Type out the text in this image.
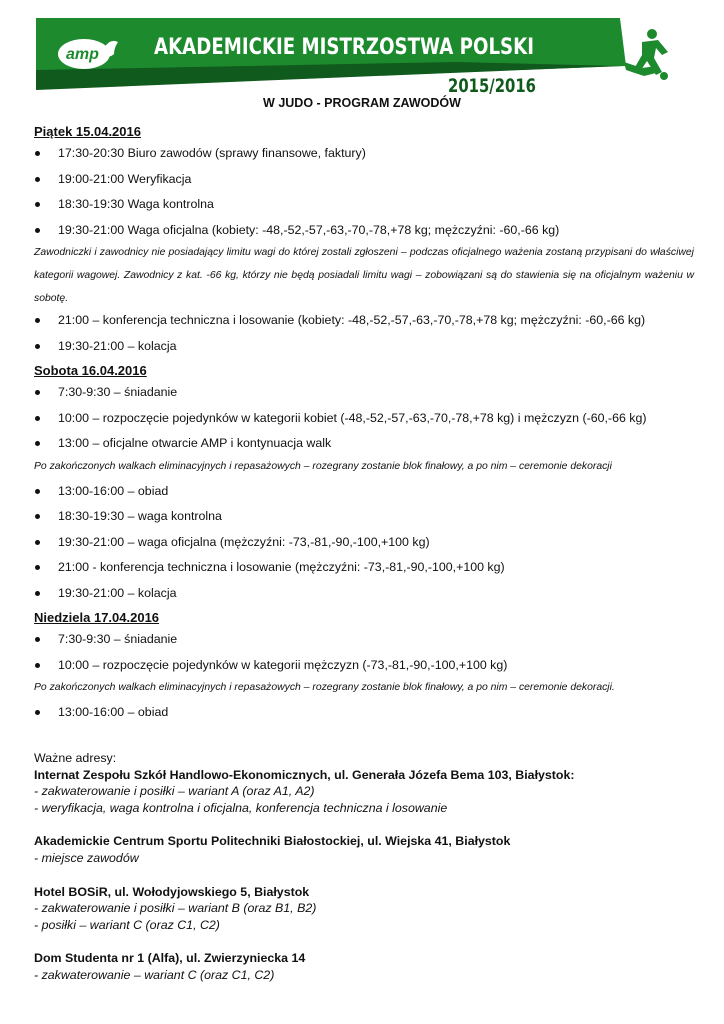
amp	AKADEMICKIE MISTRZOSTWA POLSKI
2015/2016
W JUDO - PROGRAM ZAWODÓW
Piątek 15.04.2016
17:30-20:30 Biuro zawodów (sprawy finansowe, faktury)
19:00-21:00 Weryfikacja
18:30-19:30 Waga kontrolna
19:30-21:00 Waga oficjalna (kobiety: -48,-52,-57,-63,-70,-78,+78 kg; mężczyźni: -60,-66 kg)
Zawodniczki i zawodnicy nie posiadający limitu wagi do której zostali zgłoszeni – podczas oficjalnego ważenia zostaną przypisani do właściwej kategorii wagowej. Zawodnicy z kat. -66 kg, którzy nie będą posiadali limitu wagi – zobowiązani są do stawienia się na oficjalnym ważeniu w sobotę.
21:00 – konferencja techniczna i losowanie (kobiety: -48,-52,-57,-63,-70,-78,+78 kg; mężczyźni: -60,-66 kg)
19:30-21:00 – kolacja
Sobota 16.04.2016
7:30-9:30 – śniadanie
10:00 – rozpoczęcie pojedynków w kategorii kobiet (-48,-52,-57,-63,-70,-78,+78 kg) i mężczyzn (-60,-66 kg)
13:00 – oficjalne otwarcie AMP i kontynuacja walk
Po zakończonych walkach eliminacyjnych i repasażowych – rozegrany zostanie blok finałowy, a po nim – ceremonie dekoracji
13:00-16:00 – obiad
18:30-19:30 – waga kontrolna
19:30-21:00 – waga oficjalna (mężczyźni: -73,-81,-90,-100,+100 kg)
21:00 - konferencja techniczna i losowanie (mężczyźni: -73,-81,-90,-100,+100 kg)
19:30-21:00 – kolacja
Niedziela 17.04.2016
7:30-9:30 – śniadanie
10:00 – rozpoczęcie pojedynków w kategorii mężczyzn (-73,-81,-90,-100,+100 kg)
Po zakończonych walkach eliminacyjnych i repasażowych – rozegrany zostanie blok finałowy, a po nim – ceremonie dekoracji.
13:00-16:00 – obiad
Ważne adresy:
Internat Zespołu Szkół Handlowo-Ekonomicznych, ul. Generała Józefa Bema 103, Białystok:
- zakwaterowanie i posiłki – wariant A (oraz A1, A2)
- weryfikacja, waga kontrolna i oficjalna, konferencja techniczna i losowanie
Akademickie Centrum Sportu Politechniki Białostockiej, ul. Wiejska 41, Białystok
- miejsce zawodów
Hotel BOSiR, ul. Wołodyjowskiego 5, Białystok
- zakwaterowanie i posiłki – wariant B (oraz B1, B2)
- posiłki – wariant C (oraz C1, C2)
Dom Studenta nr 1 (Alfa), ul. Zwierzyniecka 14
- zakwaterowanie – wariant C (oraz C1, C2)
